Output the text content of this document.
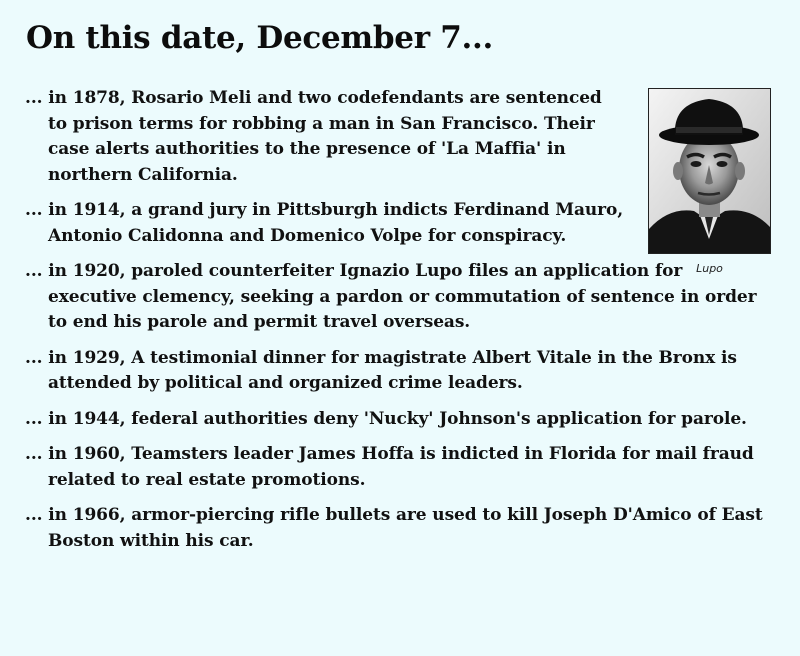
On this date, December 7...
... in 1878, Rosario Meli and two codefendants are sentenced to prison terms for robbing a man in San Francisco. Their case alerts authorities to the presence of 'La Maffia' in northern California.
... in 1914, a grand jury in Pittsburgh indicts Ferdinand Mauro, Antonio Calidonna and Domenico Volpe for conspiracy.
... in 1920, paroled counterfeiter Ignazio Lupo files an application for executive clemency, seeking a pardon or commutation of sentence in order to end his parole and permit travel overseas.
... in 1929, A testimonial dinner for magistrate Albert Vitale in the Bronx is attended by political and organized crime leaders.
... in 1944, federal authorities deny 'Nucky' Johnson's application for parole.
... in 1960, Teamsters leader James Hoffa is indicted in Florida for mail fraud related to real estate promotions.
... in 1966, armor-piercing rifle bullets are used to kill Joseph D'Amico of East Boston within his car.
Lupo
